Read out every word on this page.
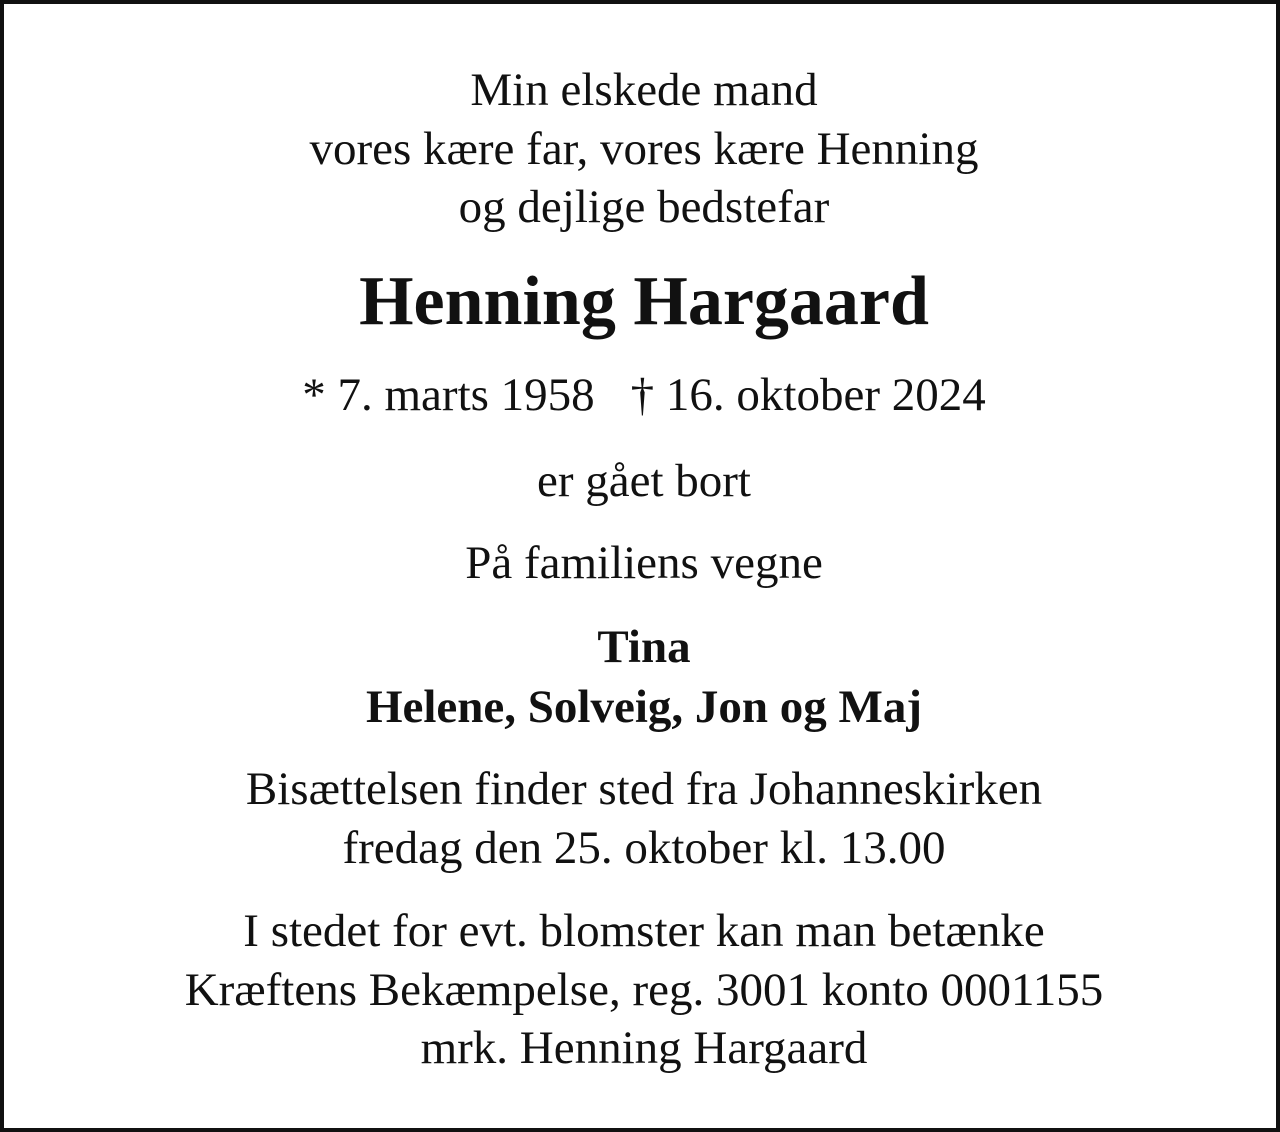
Min elskede mand
vores kære far, vores kære Henning
og dejlige bedstefar
Henning Hargaard
* 7. marts 1958 † 16. oktober 2024
er gået bort
På familiens vegne
Tina
Helene, Solveig, Jon og Maj
Bisættelsen finder sted fra Johanneskirken
fredag den 25. oktober kl. 13.00
I stedet for evt. blomster kan man betænke
Kræftens Bekæmpelse, reg. 3001 konto 0001155
mrk. Henning Hargaard
